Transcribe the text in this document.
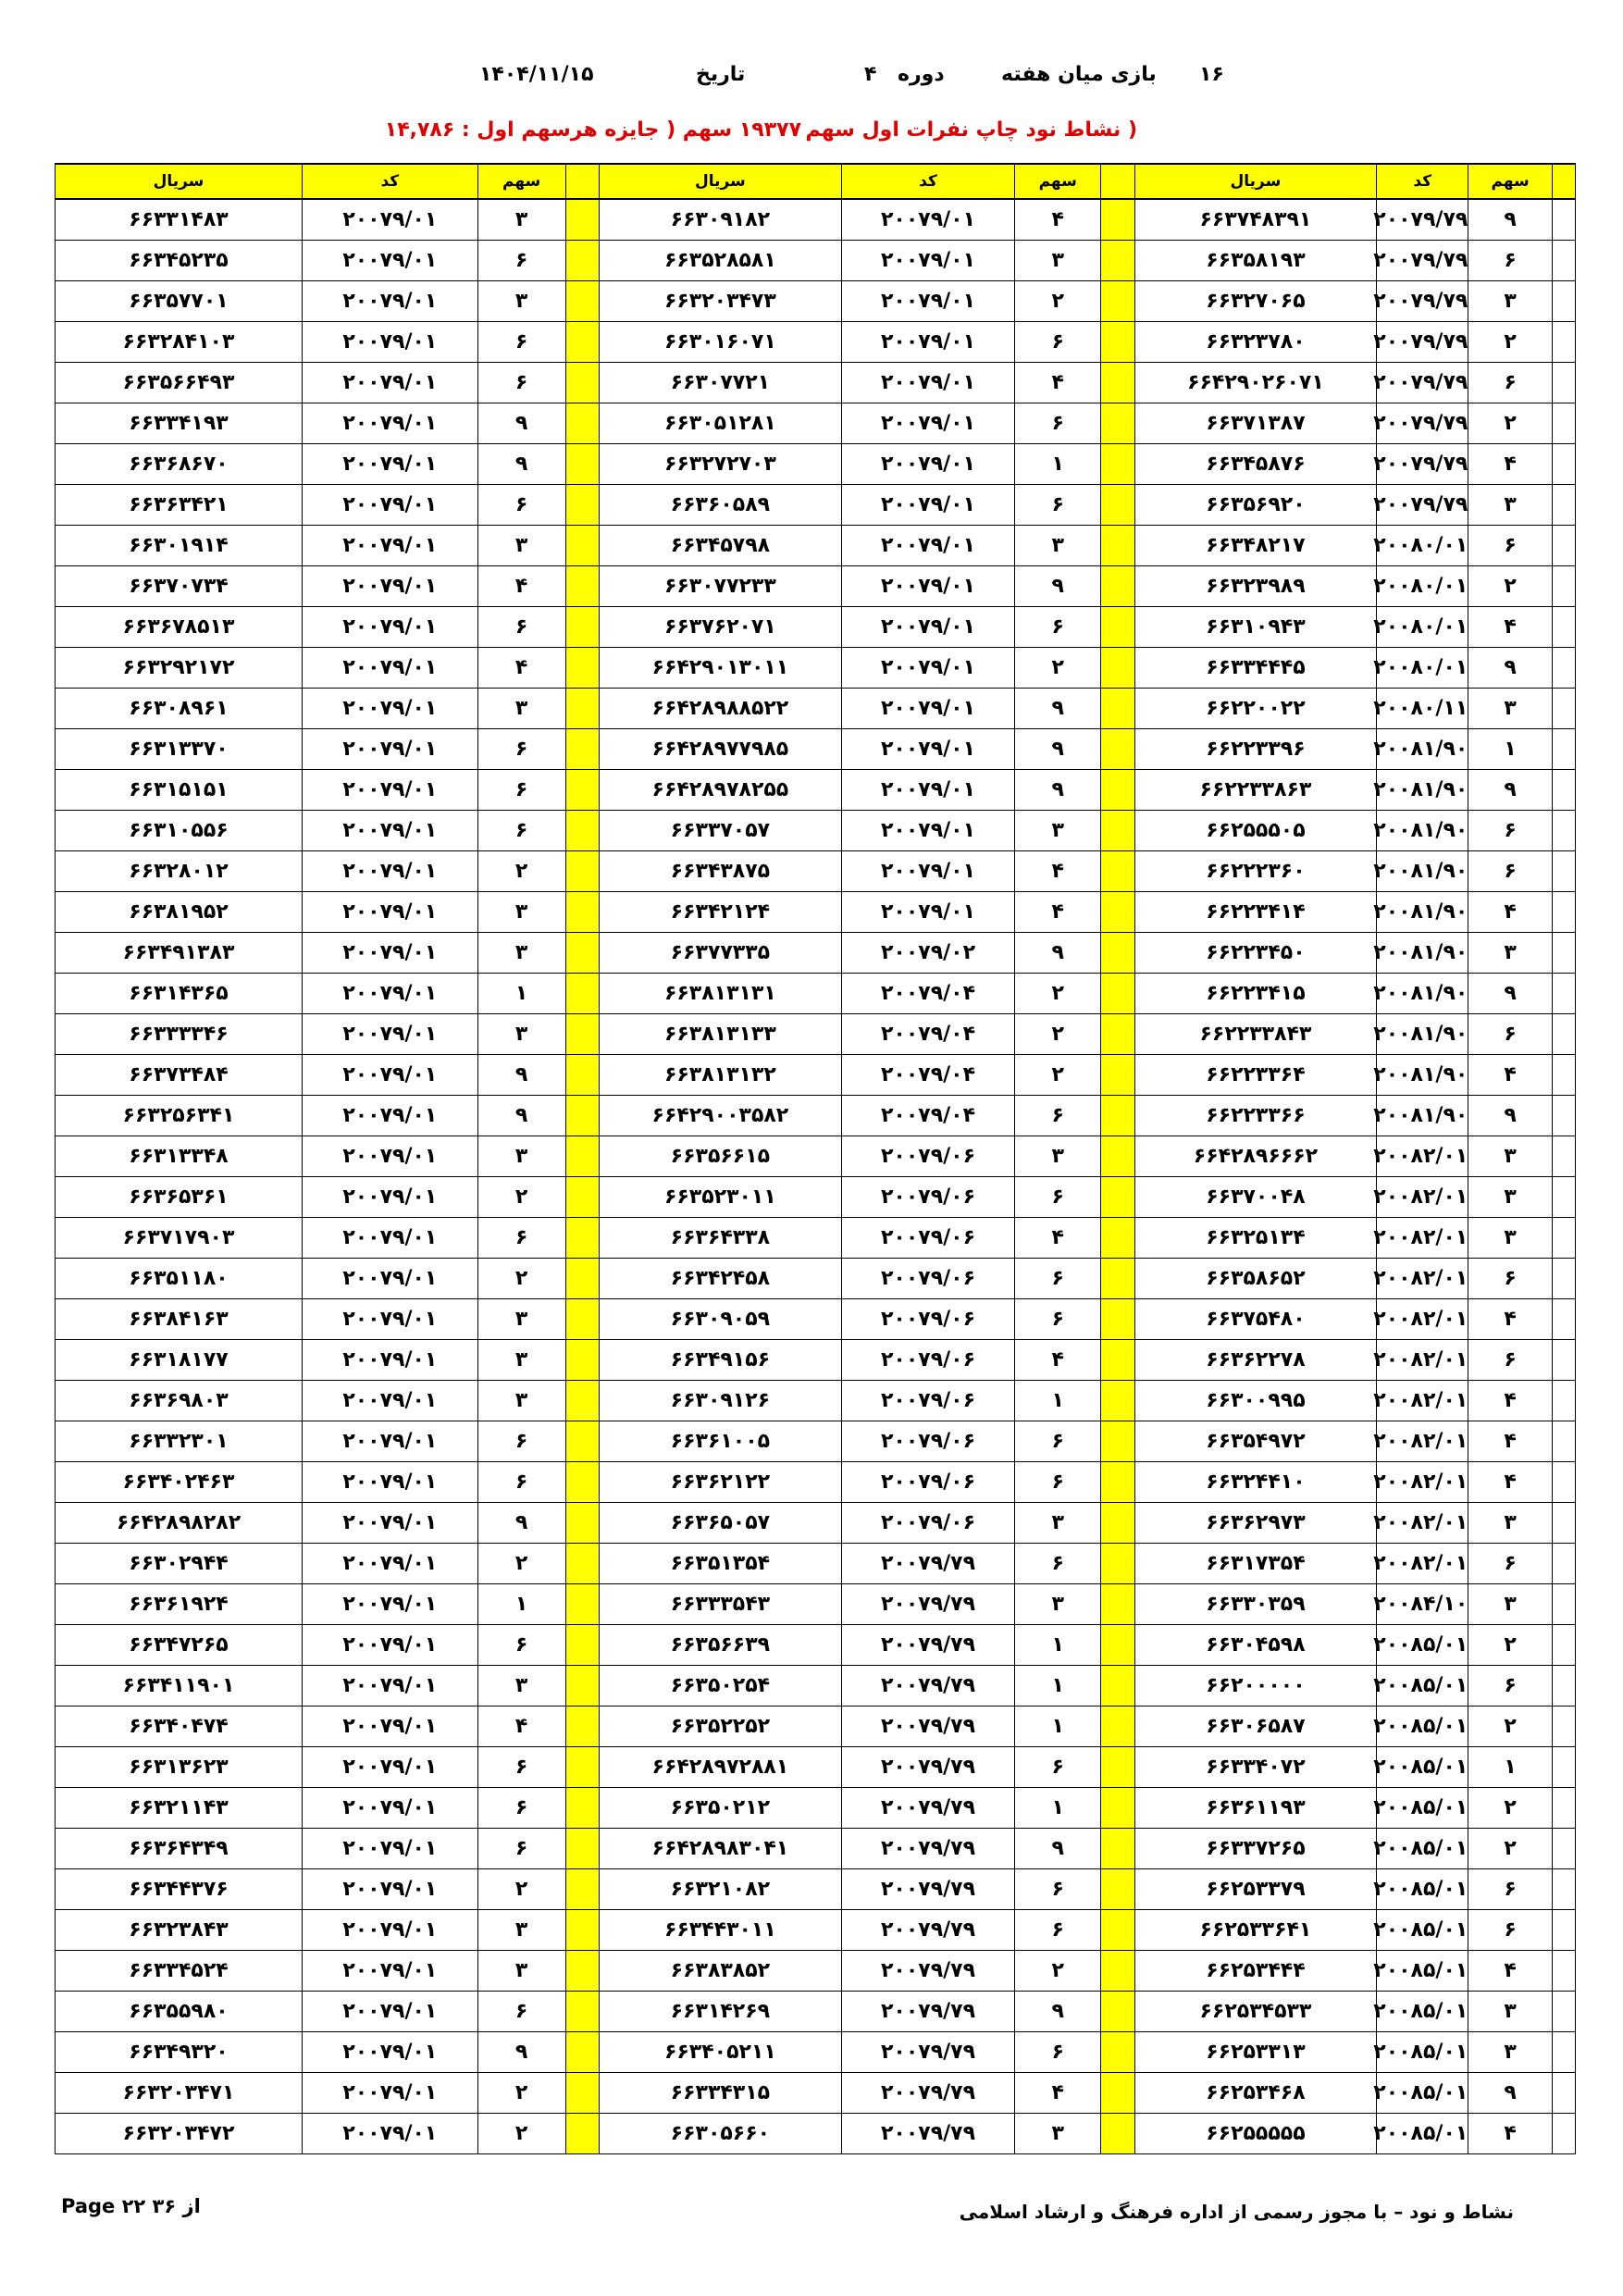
۱۶
بازی میان هفته
دوره
۴
تاریخ
۱۴۰۴/۱۱/۱۵
( نشاط نود چاپ نفرات اول سهم
۱۹۳۷۷ سهم ( جایزه هرسهم اول : ۱۴,۷۸۶
	سهم	کد	سریال		سهم	کد	سریال		سهم	کد	سریال
	۹	۲۰۰۷۹/۷۹	۶۶۳۷۴۸۳۹۱		۴	۲۰۰۷۹/۰۱	۶۶۳۰۹۱۸۲		۳	۲۰۰۷۹/۰۱	۶۶۳۳۱۴۸۳
	۶	۲۰۰۷۹/۷۹	۶۶۳۵۸۱۹۳		۳	۲۰۰۷۹/۰۱	۶۶۳۵۲۸۵۸۱		۶	۲۰۰۷۹/۰۱	۶۶۳۴۵۲۳۵
	۳	۲۰۰۷۹/۷۹	۶۶۳۲۷۰۶۵		۲	۲۰۰۷۹/۰۱	۶۶۳۲۰۳۴۷۳		۳	۲۰۰۷۹/۰۱	۶۶۳۵۷۷۰۱
	۲	۲۰۰۷۹/۷۹	۶۶۳۲۳۷۸۰		۶	۲۰۰۷۹/۰۱	۶۶۳۰۱۶۰۷۱		۶	۲۰۰۷۹/۰۱	۶۶۳۲۸۴۱۰۳
	۶	۲۰۰۷۹/۷۹	۶۶۴۲۹۰۲۶۰۷۱		۴	۲۰۰۷۹/۰۱	۶۶۳۰۷۷۲۱		۶	۲۰۰۷۹/۰۱	۶۶۳۵۶۶۴۹۳
	۲	۲۰۰۷۹/۷۹	۶۶۳۷۱۳۸۷		۶	۲۰۰۷۹/۰۱	۶۶۳۰۵۱۲۸۱		۹	۲۰۰۷۹/۰۱	۶۶۳۳۴۱۹۳
	۴	۲۰۰۷۹/۷۹	۶۶۳۴۵۸۷۶		۱	۲۰۰۷۹/۰۱	۶۶۳۲۷۲۷۰۳		۹	۲۰۰۷۹/۰۱	۶۶۳۶۸۶۷۰
	۳	۲۰۰۷۹/۷۹	۶۶۳۵۶۹۲۰		۶	۲۰۰۷۹/۰۱	۶۶۳۶۰۵۸۹		۶	۲۰۰۷۹/۰۱	۶۶۳۶۳۴۲۱
	۶	۲۰۰۸۰/۰۱	۶۶۳۴۸۲۱۷		۳	۲۰۰۷۹/۰۱	۶۶۳۴۵۷۹۸		۳	۲۰۰۷۹/۰۱	۶۶۳۰۱۹۱۴
	۲	۲۰۰۸۰/۰۱	۶۶۳۲۳۹۸۹		۹	۲۰۰۷۹/۰۱	۶۶۳۰۷۷۲۳۳		۴	۲۰۰۷۹/۰۱	۶۶۳۷۰۷۳۴
	۴	۲۰۰۸۰/۰۱	۶۶۳۱۰۹۴۳		۶	۲۰۰۷۹/۰۱	۶۶۳۷۶۲۰۷۱		۶	۲۰۰۷۹/۰۱	۶۶۳۶۷۸۵۱۳
	۹	۲۰۰۸۰/۰۱	۶۶۳۳۴۴۴۵		۲	۲۰۰۷۹/۰۱	۶۶۴۲۹۰۱۳۰۱۱		۴	۲۰۰۷۹/۰۱	۶۶۳۲۹۲۱۷۲
	۳	۲۰۰۸۰/۱۱	۶۶۲۲۰۰۲۲		۹	۲۰۰۷۹/۰۱	۶۶۴۲۸۹۸۸۵۲۲		۳	۲۰۰۷۹/۰۱	۶۶۳۰۸۹۶۱
	۱	۲۰۰۸۱/۹۰	۶۶۲۲۳۳۹۶		۹	۲۰۰۷۹/۰۱	۶۶۴۲۸۹۷۷۹۸۵		۶	۲۰۰۷۹/۰۱	۶۶۳۱۳۳۷۰
	۹	۲۰۰۸۱/۹۰	۶۶۲۲۳۳۸۶۳		۹	۲۰۰۷۹/۰۱	۶۶۴۲۸۹۷۸۲۵۵		۶	۲۰۰۷۹/۰۱	۶۶۳۱۵۱۵۱
	۶	۲۰۰۸۱/۹۰	۶۶۲۵۵۵۰۵		۳	۲۰۰۷۹/۰۱	۶۶۳۳۷۰۵۷		۶	۲۰۰۷۹/۰۱	۶۶۳۱۰۵۵۶
	۶	۲۰۰۸۱/۹۰	۶۶۲۲۲۳۶۰		۴	۲۰۰۷۹/۰۱	۶۶۳۴۳۸۷۵		۲	۲۰۰۷۹/۰۱	۶۶۳۲۸۰۱۲
	۴	۲۰۰۸۱/۹۰	۶۶۲۲۳۴۱۴		۴	۲۰۰۷۹/۰۱	۶۶۳۴۲۱۲۴		۳	۲۰۰۷۹/۰۱	۶۶۳۸۱۹۵۲
	۳	۲۰۰۸۱/۹۰	۶۶۲۲۳۴۵۰		۹	۲۰۰۷۹/۰۲	۶۶۳۷۷۳۳۵		۳	۲۰۰۷۹/۰۱	۶۶۳۴۹۱۳۸۳
	۹	۲۰۰۸۱/۹۰	۶۶۲۲۳۴۱۵		۲	۲۰۰۷۹/۰۴	۶۶۳۸۱۳۱۳۱		۱	۲۰۰۷۹/۰۱	۶۶۳۱۴۳۶۵
	۶	۲۰۰۸۱/۹۰	۶۶۲۲۳۳۸۴۳		۲	۲۰۰۷۹/۰۴	۶۶۳۸۱۳۱۳۳		۳	۲۰۰۷۹/۰۱	۶۶۳۳۳۳۴۶
	۴	۲۰۰۸۱/۹۰	۶۶۲۲۳۳۶۴		۲	۲۰۰۷۹/۰۴	۶۶۳۸۱۳۱۳۲		۹	۲۰۰۷۹/۰۱	۶۶۳۷۳۴۸۴
	۹	۲۰۰۸۱/۹۰	۶۶۲۲۳۳۶۶		۶	۲۰۰۷۹/۰۴	۶۶۴۲۹۰۰۳۵۸۲		۹	۲۰۰۷۹/۰۱	۶۶۳۲۵۶۳۴۱
	۳	۲۰۰۸۲/۰۱	۶۶۴۲۸۹۶۶۶۲		۳	۲۰۰۷۹/۰۶	۶۶۳۵۶۶۱۵		۳	۲۰۰۷۹/۰۱	۶۶۳۱۳۳۴۸
	۳	۲۰۰۸۲/۰۱	۶۶۳۷۰۰۴۸		۶	۲۰۰۷۹/۰۶	۶۶۳۵۲۳۰۱۱		۲	۲۰۰۷۹/۰۱	۶۶۳۶۵۳۶۱
	۳	۲۰۰۸۲/۰۱	۶۶۳۲۵۱۳۴		۴	۲۰۰۷۹/۰۶	۶۶۳۶۴۳۳۸		۶	۲۰۰۷۹/۰۱	۶۶۳۷۱۷۹۰۳
	۶	۲۰۰۸۲/۰۱	۶۶۳۵۸۶۵۲		۶	۲۰۰۷۹/۰۶	۶۶۳۴۲۴۵۸		۲	۲۰۰۷۹/۰۱	۶۶۳۵۱۱۸۰
	۴	۲۰۰۸۲/۰۱	۶۶۳۷۵۴۸۰		۶	۲۰۰۷۹/۰۶	۶۶۳۰۹۰۵۹		۳	۲۰۰۷۹/۰۱	۶۶۳۸۴۱۶۳
	۶	۲۰۰۸۲/۰۱	۶۶۳۶۲۲۷۸		۴	۲۰۰۷۹/۰۶	۶۶۳۴۹۱۵۶		۳	۲۰۰۷۹/۰۱	۶۶۳۱۸۱۷۷
	۴	۲۰۰۸۲/۰۱	۶۶۳۰۰۹۹۵		۱	۲۰۰۷۹/۰۶	۶۶۳۰۹۱۲۶		۳	۲۰۰۷۹/۰۱	۶۶۳۶۹۸۰۳
	۴	۲۰۰۸۲/۰۱	۶۶۳۵۴۹۷۲		۶	۲۰۰۷۹/۰۶	۶۶۳۶۱۰۰۵		۶	۲۰۰۷۹/۰۱	۶۶۳۳۲۳۰۱
	۴	۲۰۰۸۲/۰۱	۶۶۳۲۴۴۱۰		۶	۲۰۰۷۹/۰۶	۶۶۳۶۲۱۲۲		۶	۲۰۰۷۹/۰۱	۶۶۳۴۰۲۴۶۳
	۳	۲۰۰۸۲/۰۱	۶۶۳۶۲۹۷۳		۳	۲۰۰۷۹/۰۶	۶۶۳۶۵۰۵۷		۹	۲۰۰۷۹/۰۱	۶۶۴۲۸۹۸۲۸۲
	۶	۲۰۰۸۲/۰۱	۶۶۳۱۷۳۵۴		۶	۲۰۰۷۹/۷۹	۶۶۳۵۱۳۵۴		۲	۲۰۰۷۹/۰۱	۶۶۳۰۲۹۴۴
	۳	۲۰۰۸۴/۱۰	۶۶۳۳۰۳۵۹		۳	۲۰۰۷۹/۷۹	۶۶۳۳۳۵۴۳		۱	۲۰۰۷۹/۰۱	۶۶۳۶۱۹۲۴
	۲	۲۰۰۸۵/۰۱	۶۶۳۰۴۵۹۸		۱	۲۰۰۷۹/۷۹	۶۶۳۵۶۶۳۹		۶	۲۰۰۷۹/۰۱	۶۶۳۴۷۲۶۵
	۶	۲۰۰۸۵/۰۱	۶۶۲۰۰۰۰۰		۱	۲۰۰۷۹/۷۹	۶۶۳۵۰۲۵۴		۳	۲۰۰۷۹/۰۱	۶۶۳۴۱۱۹۰۱
	۲	۲۰۰۸۵/۰۱	۶۶۳۰۶۵۸۷		۱	۲۰۰۷۹/۷۹	۶۶۳۵۲۲۵۲		۴	۲۰۰۷۹/۰۱	۶۶۳۴۰۴۷۴
	۱	۲۰۰۸۵/۰۱	۶۶۳۳۴۰۷۲		۶	۲۰۰۷۹/۷۹	۶۶۴۲۸۹۷۲۸۸۱		۶	۲۰۰۷۹/۰۱	۶۶۳۱۳۶۲۳
	۲	۲۰۰۸۵/۰۱	۶۶۳۶۱۱۹۳		۱	۲۰۰۷۹/۷۹	۶۶۳۵۰۲۱۲		۶	۲۰۰۷۹/۰۱	۶۶۳۲۱۱۴۳
	۲	۲۰۰۸۵/۰۱	۶۶۳۳۷۲۶۵		۹	۲۰۰۷۹/۷۹	۶۶۴۲۸۹۸۳۰۴۱		۶	۲۰۰۷۹/۰۱	۶۶۳۶۴۳۴۹
	۶	۲۰۰۸۵/۰۱	۶۶۲۵۳۳۷۹		۶	۲۰۰۷۹/۷۹	۶۶۳۲۱۰۸۲		۲	۲۰۰۷۹/۰۱	۶۶۳۴۴۳۷۶
	۶	۲۰۰۸۵/۰۱	۶۶۲۵۳۳۶۴۱		۶	۲۰۰۷۹/۷۹	۶۶۳۴۴۳۰۱۱		۳	۲۰۰۷۹/۰۱	۶۶۳۲۳۸۴۳
	۴	۲۰۰۸۵/۰۱	۶۶۲۵۳۴۴۴		۲	۲۰۰۷۹/۷۹	۶۶۳۸۳۸۵۲		۳	۲۰۰۷۹/۰۱	۶۶۳۳۴۵۲۴
	۳	۲۰۰۸۵/۰۱	۶۶۲۵۳۴۵۳۳		۹	۲۰۰۷۹/۷۹	۶۶۳۱۴۲۶۹		۶	۲۰۰۷۹/۰۱	۶۶۳۵۵۹۸۰
	۳	۲۰۰۸۵/۰۱	۶۶۲۵۳۳۱۳		۶	۲۰۰۷۹/۷۹	۶۶۳۴۰۵۲۱۱		۹	۲۰۰۷۹/۰۱	۶۶۳۴۹۳۲۰
	۹	۲۰۰۸۵/۰۱	۶۶۲۵۳۴۶۸		۴	۲۰۰۷۹/۷۹	۶۶۳۳۴۳۱۵		۲	۲۰۰۷۹/۰۱	۶۶۳۲۰۳۴۷۱
	۴	۲۰۰۸۵/۰۱	۶۶۲۵۵۵۵۵		۳	۲۰۰۷۹/۷۹	۶۶۳۰۵۶۶۰		۲	۲۰۰۷۹/۰۱	۶۶۳۲۰۳۴۷۲
از ۳۶ ۲۲ Page	نشاط و نود – با مجوز رسمی از اداره فرهنگ و ارشاد اسلامی
